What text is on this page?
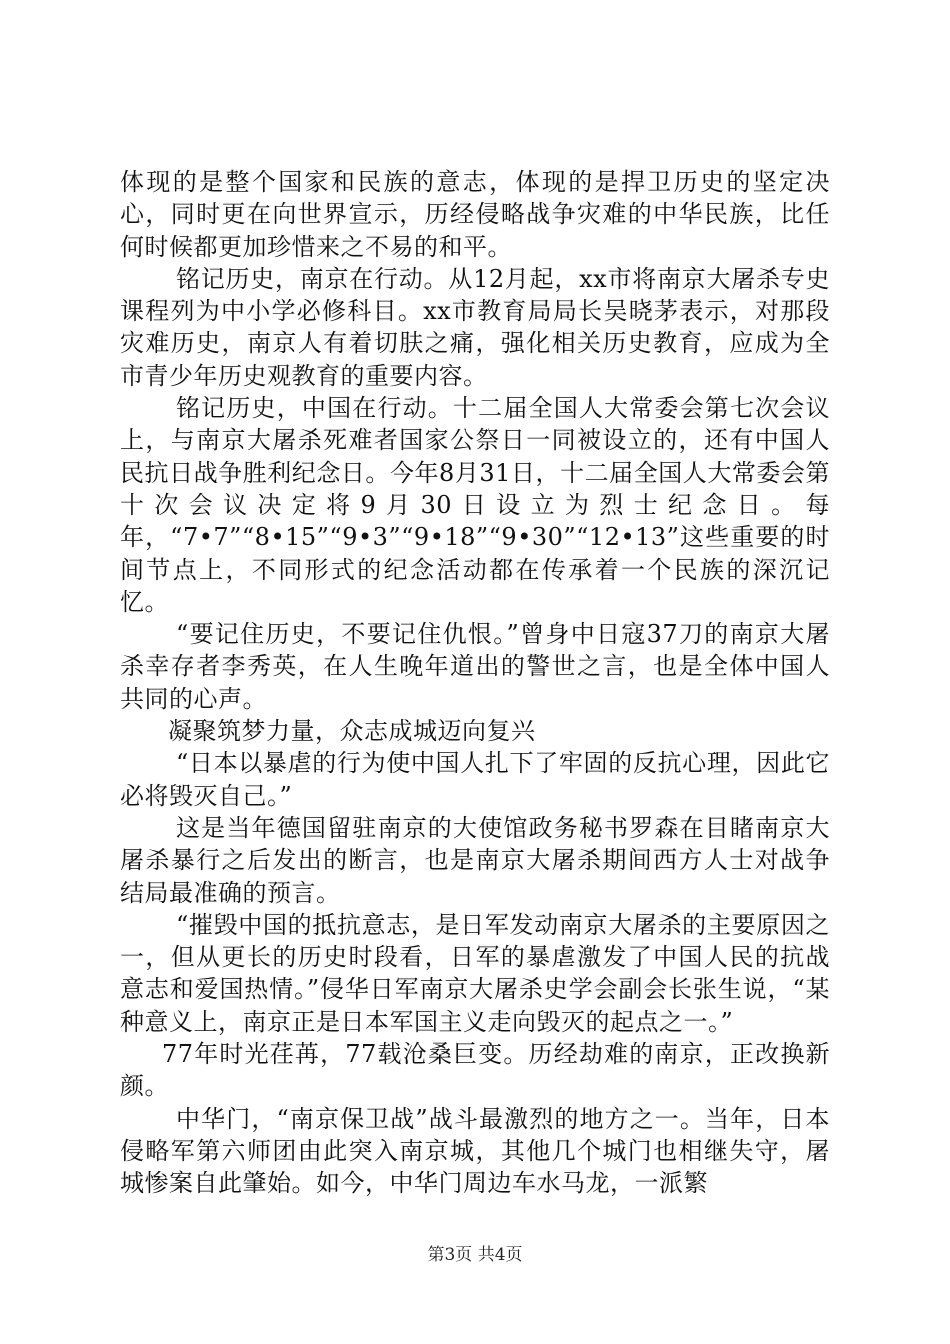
体现的是整个国家和民族的意志，体现的是捍卫历史的坚定决心，同时更在向世界宣示，历经侵略战争灾难的中华民族，比任何时候都更加珍惜来之不易的和平。

铭记历史，南京在行动。从12月起，xx市将南京大屠杀专史课程列为中小学必修科目。xx市教育局局长吴晓茅表示，对那段灾难历史，南京人有着切肤之痛，强化相关历史教育，应成为全市青少年历史观教育的重要内容。

铭记历史，中国在行动。十二届全国人大常委会第七次会议上，与南京大屠杀死难者国家公祭日一同被设立的，还有中国人民抗日战争胜利纪念日。今年8月31日，十二届全国人大常委会第十次会议决定将9月30日设立为烈士纪念日。每年，“7•7”“8•15”“9•3”“9•18”“9•30”“12•13”这些重要的时间节点上，不同形式的纪念活动都在传承着一个民族的深沉记忆。

“要记住历史，不要记住仇恨。”曾身中日寇37刀的南京大屠杀幸存者李秀英，在人生晚年道出的警世之言，也是全体中国人共同的心声。

凝聚筑梦力量，众志成城迈向复兴

“日本以暴虐的行为使中国人扎下了牢固的反抗心理，因此它必将毁灭自己。”

这是当年德国留驻南京的大使馆政务秘书罗森在目睹南京大屠杀暴行之后发出的断言，也是南京大屠杀期间西方人士对战争结局最准确的预言。

“摧毁中国的抵抗意志，是日军发动南京大屠杀的主要原因之一，但从更长的历史时段看，日军的暴虐激发了中国人民的抗战意志和爱国热情。”侵华日军南京大屠杀史学会副会长张生说，“某种意义上，南京正是日本军国主义走向毁灭的起点之一。”

77年时光荏苒，77载沧桑巨变。历经劫难的南京，正改换新颜。

中华门，“南京保卫战”战斗最激烈的地方之一。当年，日本侵略军第六师团由此突入南京城，其他几个城门也相继失守，屠城惨案自此肇始。如今，中华门周边车水马龙，一派繁

第3页 共4页
